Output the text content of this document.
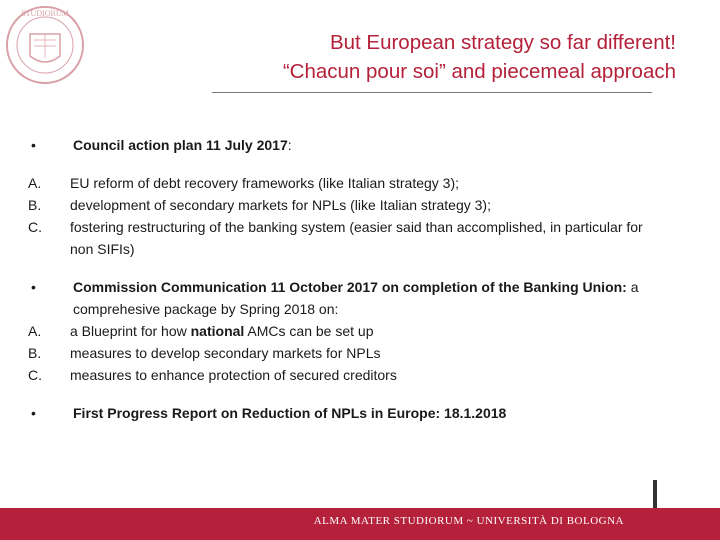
STUDIORUM
But European strategy so far different!
“Chacun pour soi” and piecemeal approach
•	Council action plan 11 July 2017:
A.	EU reform of debt recovery frameworks (like Italian strategy 3);
B.	development of secondary markets for NPLs (like Italian strategy 3);
C.	fostering restructuring of the banking system (easier said than accomplished, in particular for non SIFIs)
•	Commission Communication 11 October 2017 on completion of the Banking Union: a comprehesive package by Spring 2018 on:
A.	a Blueprint for how national AMCs can be set up
B.	measures to develop secondary markets for NPLs
C.	measures to enhance protection of secured creditors
•	First Progress Report on Reduction of NPLs in Europe: 18.1.2018
ALMA MATER STUDIORUM ~ UNIVERSITÀ DI BOLOGNA
